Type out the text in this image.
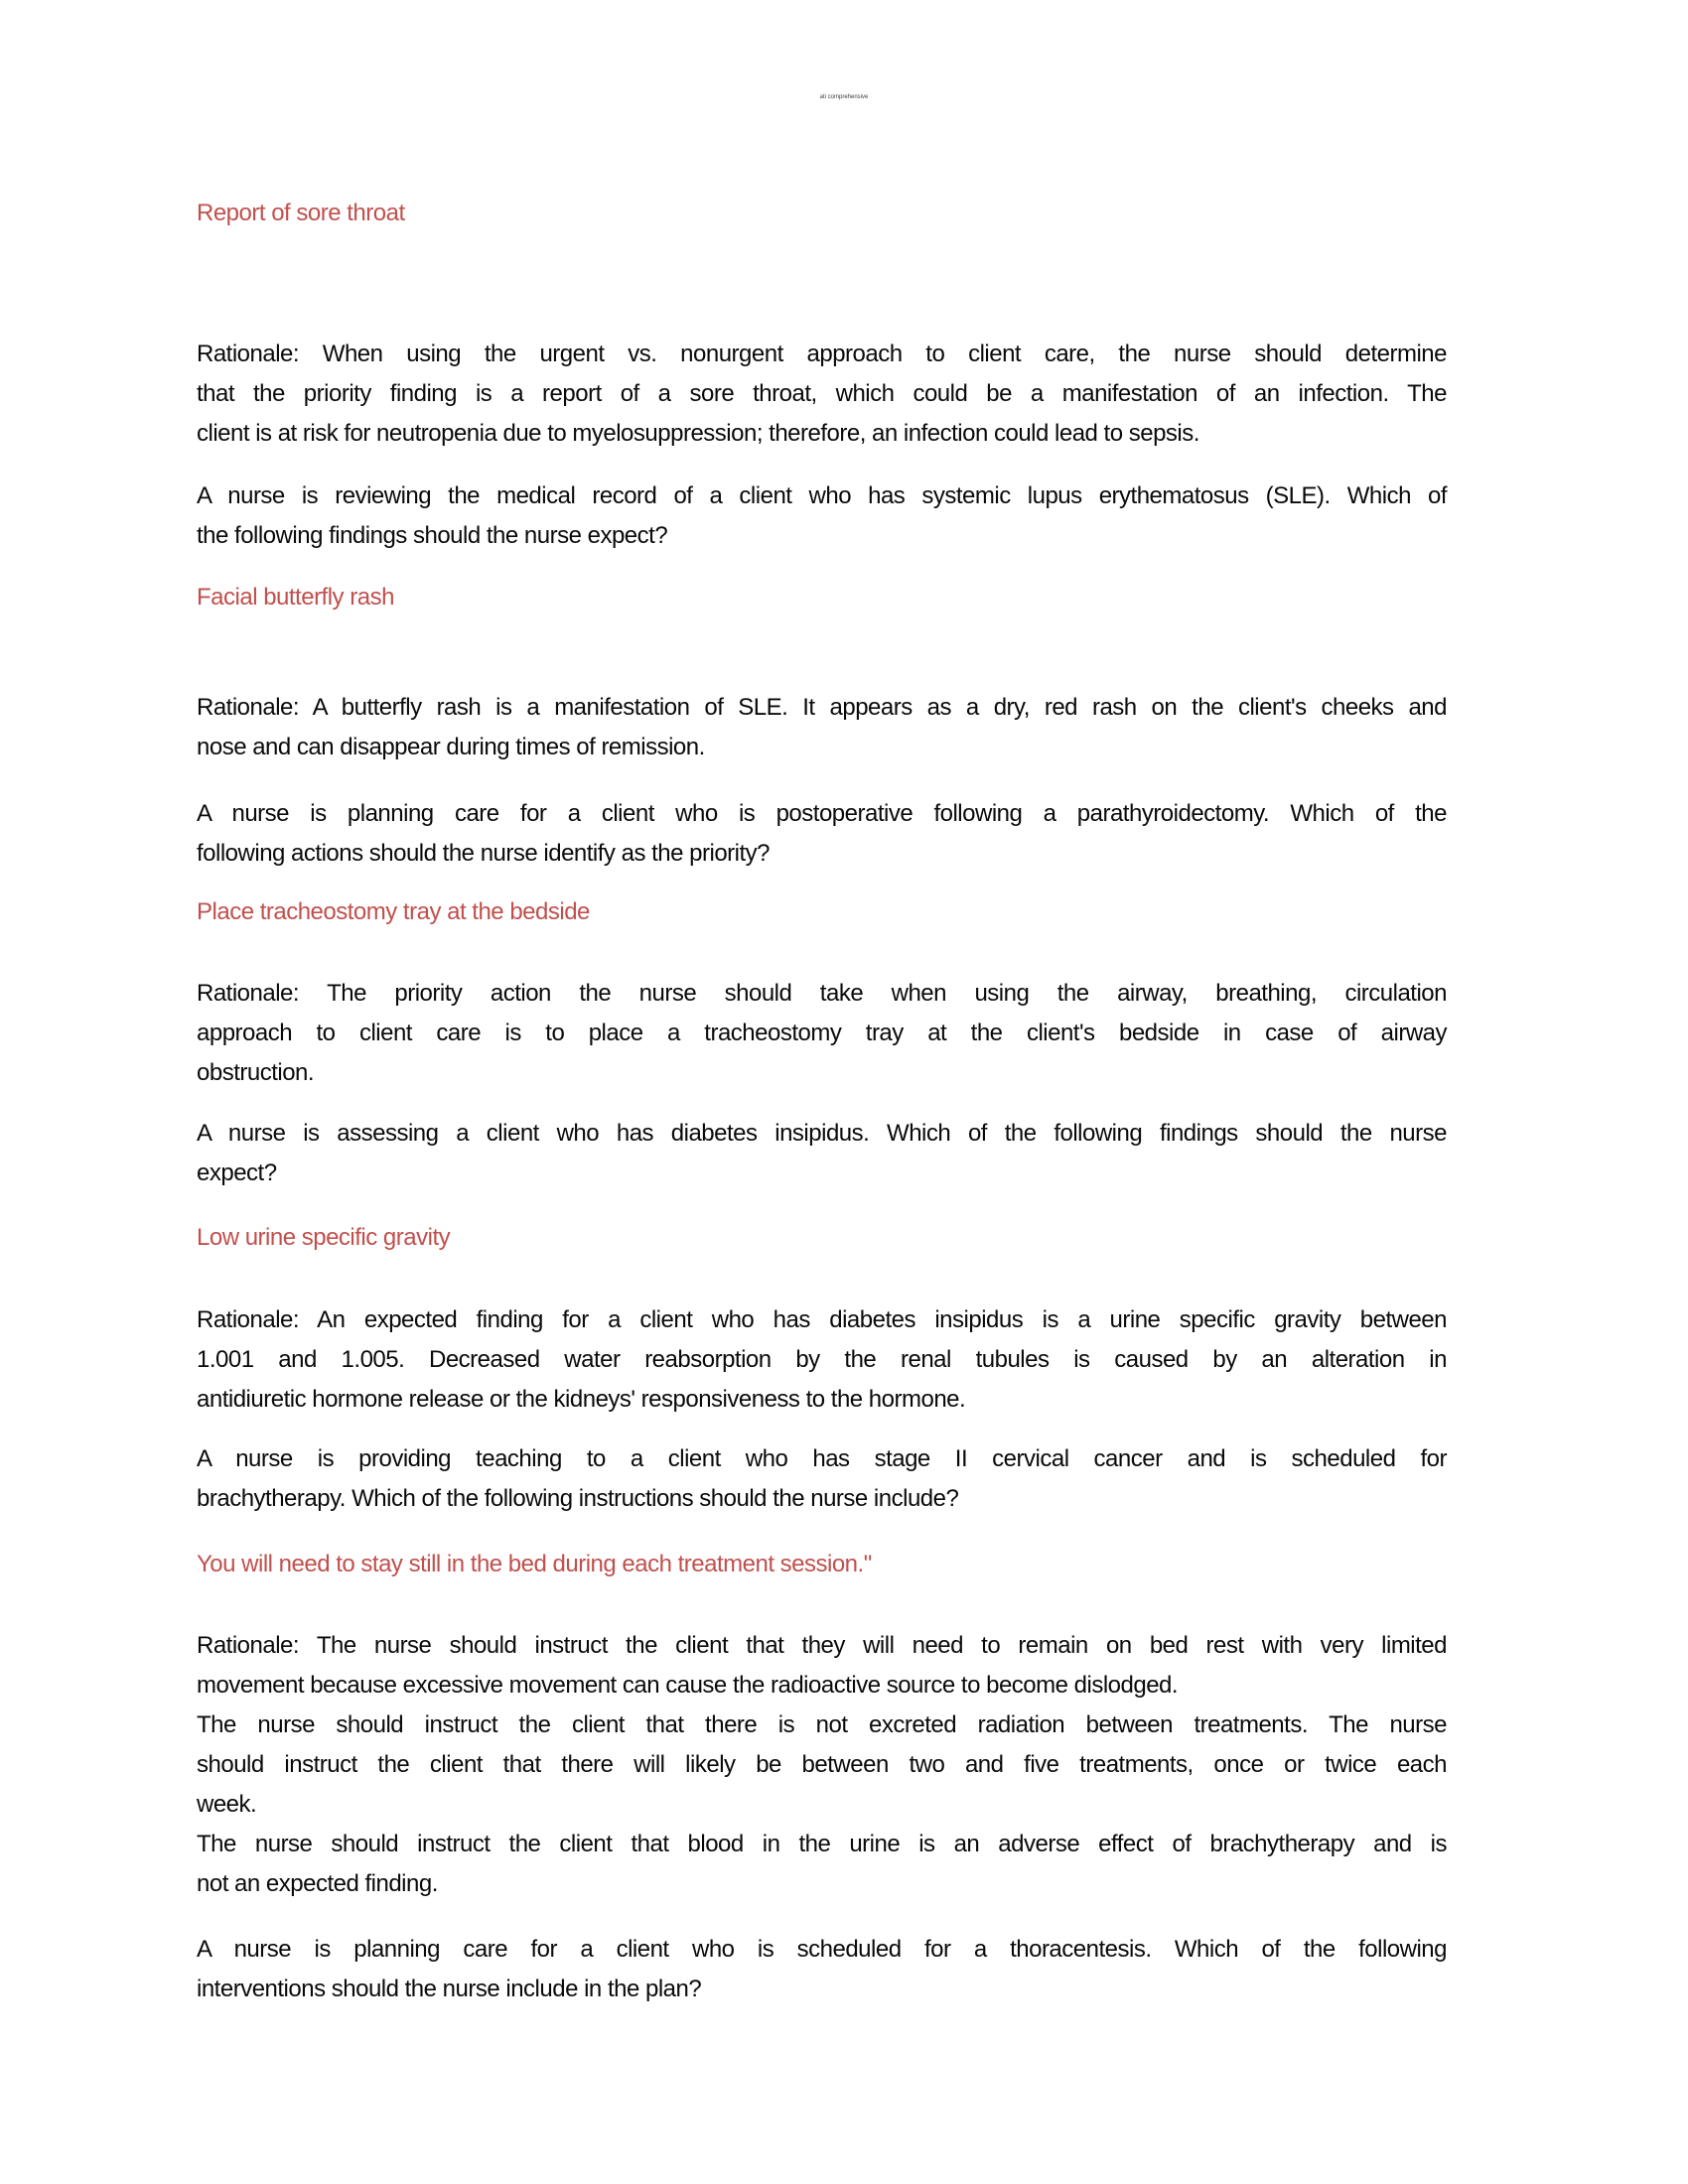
ati comprehensive
Report of sore throat
Rationale: When using the urgent vs. nonurgent approach to client care, the nurse should determine
that the priority finding is a report of a sore throat, which could be a manifestation of an infection. The
client is at risk for neutropenia due to myelosuppression; therefore, an infection could lead to sepsis.
A nurse is reviewing the medical record of a client who has systemic lupus erythematosus (SLE). Which of
the following findings should the nurse expect?
Facial butterfly rash
Rationale: A butterfly rash is a manifestation of SLE. It appears as a dry, red rash on the client's cheeks and
nose and can disappear during times of remission.
A nurse is planning care for a client who is postoperative following a parathyroidectomy. Which of the
following actions should the nurse identify as the priority?
Place tracheostomy tray at the bedside
Rationale: The priority action the nurse should take when using the airway, breathing, circulation
approach to client care is to place a tracheostomy tray at the client's bedside in case of airway
obstruction.
A nurse is assessing a client who has diabetes insipidus. Which of the following findings should the nurse
expect?
Low urine specific gravity
Rationale: An expected finding for a client who has diabetes insipidus is a urine specific gravity between
1.001 and 1.005. Decreased water reabsorption by the renal tubules is caused by an alteration in
antidiuretic hormone release or the kidneys' responsiveness to the hormone.
A nurse is providing teaching to a client who has stage II cervical cancer and is scheduled for
brachytherapy. Which of the following instructions should the nurse include?
You will need to stay still in the bed during each treatment session."
Rationale: The nurse should instruct the client that they will need to remain on bed rest with very limited
movement because excessive movement can cause the radioactive source to become dislodged.
The nurse should instruct the client that there is not excreted radiation between treatments. The nurse
should instruct the client that there will likely be between two and five treatments, once or twice each
week.
The nurse should instruct the client that blood in the urine is an adverse effect of brachytherapy and is
not an expected finding.
A nurse is planning care for a client who is scheduled for a thoracentesis. Which of the following
interventions should the nurse include in the plan?
